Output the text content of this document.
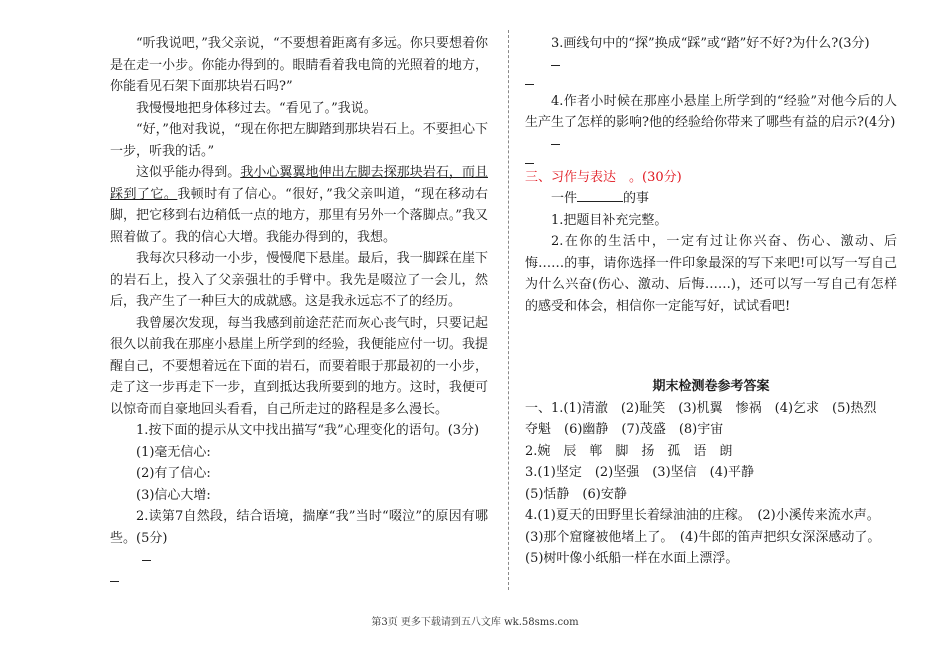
“听我说吧，”我父亲说，“不要想着距离有多远。你只要想着你是在走一小步。你能办得到的。眼睛看着我电筒的光照着的地方，你能看见石架下面那块岩石吗?”

我慢慢地把身体移过去。“看见了。”我说。

“好，”他对我说，“现在你把左脚踏到那块岩石上。不要担心下一步，听我的话。”

这似乎能办得到。我小心翼翼地伸出左脚去探那块岩石，而且踩到了它。我顿时有了信心。“很好，”我父亲叫道，“现在移动右脚，把它移到右边稍低一点的地方，那里有另外一个落脚点。”我又照着做了。我的信心大增。我能办得到的，我想。

我每次只移动一小步，慢慢爬下悬崖。最后，我一脚踩在崖下的岩石上，投入了父亲强壮的手臂中。我先是啜泣了一会儿，然后，我产生了一种巨大的成就感。这是我永远忘不了的经历。

我曾屡次发现，每当我感到前途茫茫而灰心丧气时，只要记起很久以前我在那座小悬崖上所学到的经验，我便能应付一切。我提醒自己，不要想着远在下面的岩石，而要着眼于那最初的一小步，走了这一步再走下一步，直到抵达我所要到的地方。这时，我便可以惊奇而自豪地回头看看，自己所走过的路程是多么漫长。

1.按下面的提示从文中找出描写“我”心理变化的语句。(3分)

(1)毫无信心:

(2)有了信心:

(3)信心大增:

2.读第7自然段，结合语境，揣摩“我”当时“啜泣”的原因有哪些。(5分)

3.画线句中的“探”换成“踩”或“踏”好不好?为什么?(3分)

4.作者小时候在那座小悬崖上所学到的“经验”对他今后的人生产生了怎样的影响?他的经验给你带来了哪些有益的启示?(4分)

三、习作与表达　。(30分)

一件	的事

1.把题目补充完整。

2.在你的生活中，一定有过让你兴奋、伤心、激动、后悔……的事，请你选择一件印象最深的写下来吧!可以写一写自己为什么兴奋(伤心、激动、后悔……)，还可以写一写自己有怎样的感受和体会，相信你一定能写好，试试看吧!

期末检测卷参考答案

一、1.(1)清澈　(2)耻笑　(3)机翼　惨祸　(4)乞求　(5)热烈　夺魁　(6)幽静　(7)茂盛　(8)宇宙

2.婉　辰　郸　脚　扬　孤　语　朗

3.(1)坚定　(2)坚强　(3)坚信　(4)平静

(5)恬静　(6)安静

4.(1)夏天的田野里长着绿油油的庄稼。　(2)小溪传来流水声。

(3)那个窟窿被他堵上了。　(4)牛郎的笛声把织女深深感动了。

(5)树叶像小纸船一样在水面上漂浮。

第3页 更多下载请到五八文库 wk.58sms.com
